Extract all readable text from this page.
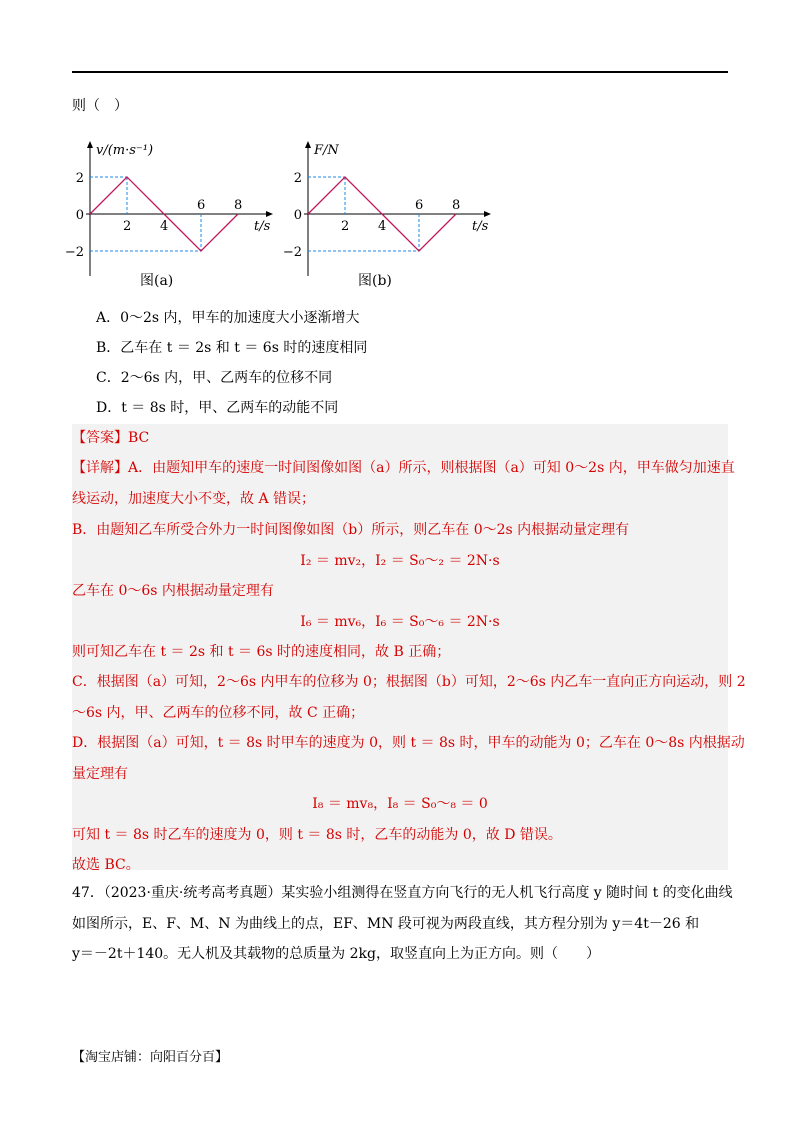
则（　）
2 4
6 8
2
0
−2
v/(m·s⁻¹)
t/s	2 4
6 8
2
0
−2
F/N
t/s
图(a)	图(b)
A．0～2s 内，甲车的加速度大小逐渐增大
B．乙车在 t ＝ 2s 和 t ＝ 6s 时的速度相同
C．2～6s 内，甲、乙两车的位移不同
D．t ＝ 8s 时，甲、乙两车的动能不同
【答案】BC
【详解】A．由题知甲车的速度一时间图像如图（a）所示，则根据图（a）可知 0～2s 内，甲车做匀加速直
线运动，加速度大小不变，故 A 错误；
B．由题知乙车所受合外力一时间图像如图（b）所示，则乙车在 0～2s 内根据动量定理有
I₂ ＝ mv₂，I₂ ＝ S₀～₂ ＝ 2N·s
乙车在 0～6s 内根据动量定理有
I₆ ＝ mv₆，I₆ ＝ S₀～₆ ＝ 2N·s
则可知乙车在 t ＝ 2s 和 t ＝ 6s 时的速度相同，故 B 正确；
C．根据图（a）可知，2～6s 内甲车的位移为 0；根据图（b）可知，2～6s 内乙车一直向正方向运动，则 2
～6s 内，甲、乙两车的位移不同，故 C 正确；
D．根据图（a）可知，t ＝ 8s 时甲车的速度为 0，则 t ＝ 8s 时，甲车的动能为 0；乙车在 0～8s 内根据动
量定理有
I₈ ＝ mv₈，I₈ ＝ S₀～₈ ＝ 0
可知 t ＝ 8s 时乙车的速度为 0，则 t ＝ 8s 时，乙车的动能为 0，故 D 错误。
故选 BC。
47．（2023·重庆·统考高考真题）某实验小组测得在竖直方向飞行的无人机飞行高度 y 随时间 t 的变化曲线
如图所示，E、F、M、N 为曲线上的点，EF、MN 段可视为两段直线，其方程分别为 y＝4t－26 和
y＝－2t＋140。无人机及其载物的总质量为 2kg，取竖直向上为正方向。则（　　）
【淘宝店铺：向阳百分百】
